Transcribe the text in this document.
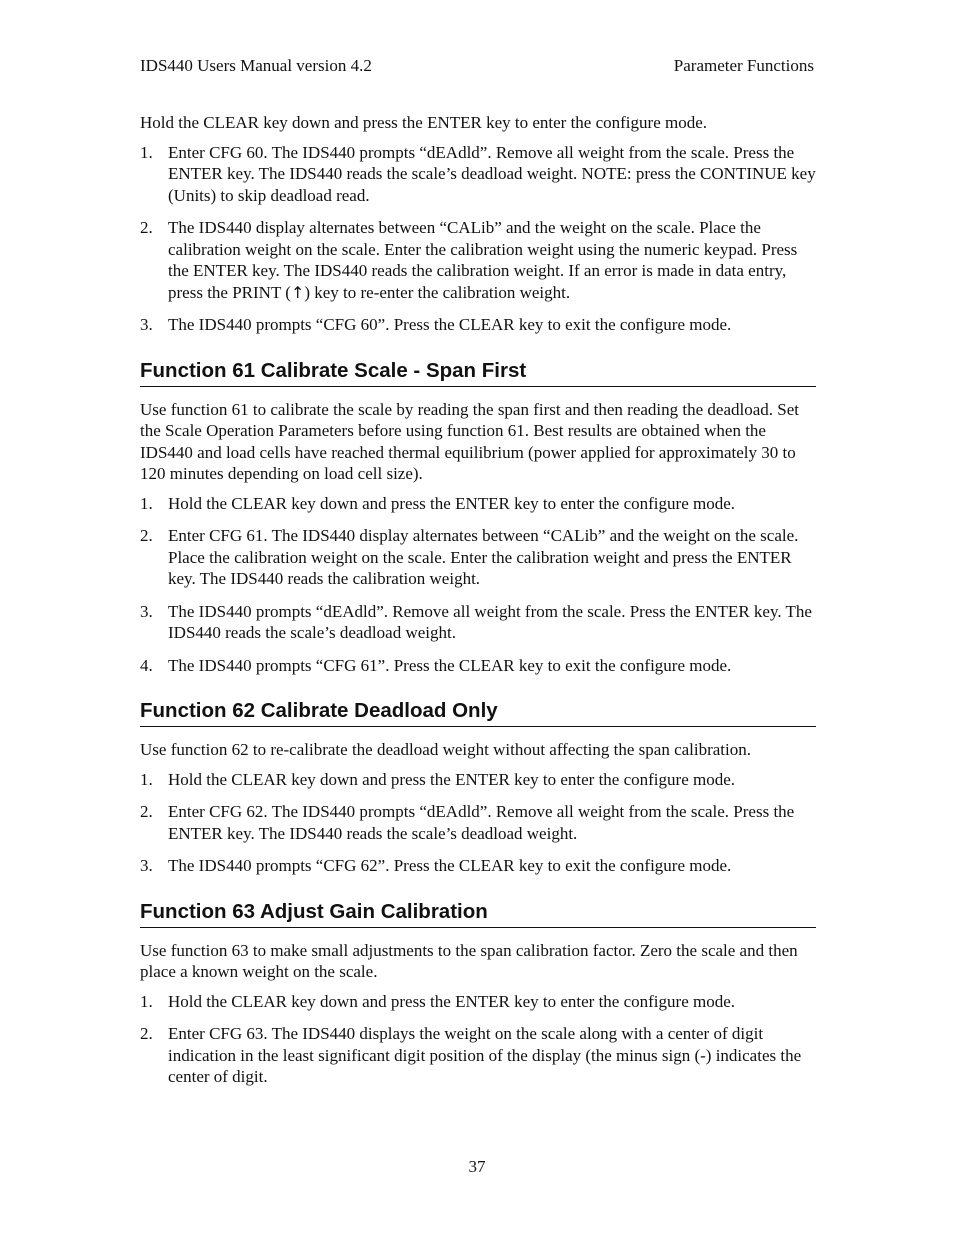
IDS440 Users Manual version 4.2	Parameter Functions

Hold the CLEAR key down and press the ENTER key to enter the configure mode.

1. Enter CFG 60. The IDS440 prompts “dEAdld”. Remove all weight from the scale. Press the ENTER key. The IDS440 reads the scale’s deadload weight. NOTE: press the CONTINUE key (Units) to skip deadload read.
2. The IDS440 display alternates between “CALib” and the weight on the scale. Place the calibration weight on the scale. Enter the calibration weight using the numeric keypad. Press the ENTER key. The IDS440 reads the calibration weight. If an error is made in data entry, press the PRINT (↑) key to re-enter the calibration weight.
3. The IDS440 prompts “CFG 60”. Press the CLEAR key to exit the configure mode.
Function 61 Calibrate Scale - Span First

Use function 61 to calibrate the scale by reading the span first and then reading the deadload. Set the Scale Operation Parameters before using function 61. Best results are obtained when the IDS440 and load cells have reached thermal equilibrium (power applied for approximately 30 to 120 minutes depending on load cell size).

1. Hold the CLEAR key down and press the ENTER key to enter the configure mode.
2. Enter CFG 61. The IDS440 display alternates between “CALib” and the weight on the scale. Place the calibration weight on the scale. Enter the calibration weight and press the ENTER key. The IDS440 reads the calibration weight.
3. The IDS440 prompts “dEAdld”. Remove all weight from the scale. Press the ENTER key. The IDS440 reads the scale’s deadload weight.
4. The IDS440 prompts “CFG 61”. Press the CLEAR key to exit the configure mode.
Function 62 Calibrate Deadload Only

Use function 62 to re-calibrate the deadload weight without affecting the span calibration.

1. Hold the CLEAR key down and press the ENTER key to enter the configure mode.
2. Enter CFG 62. The IDS440 prompts “dEAdld”. Remove all weight from the scale. Press the ENTER key. The IDS440 reads the scale’s deadload weight.
3. The IDS440 prompts “CFG 62”. Press the CLEAR key to exit the configure mode.
Function 63 Adjust Gain Calibration

Use function 63 to make small adjustments to the span calibration factor. Zero the scale and then place a known weight on the scale.

1. Hold the CLEAR key down and press the ENTER key to enter the configure mode.
2. Enter CFG 63. The IDS440 displays the weight on the scale along with a center of digit indication in the least significant digit position of the display (the minus sign (-) indicates the center of digit.
37
